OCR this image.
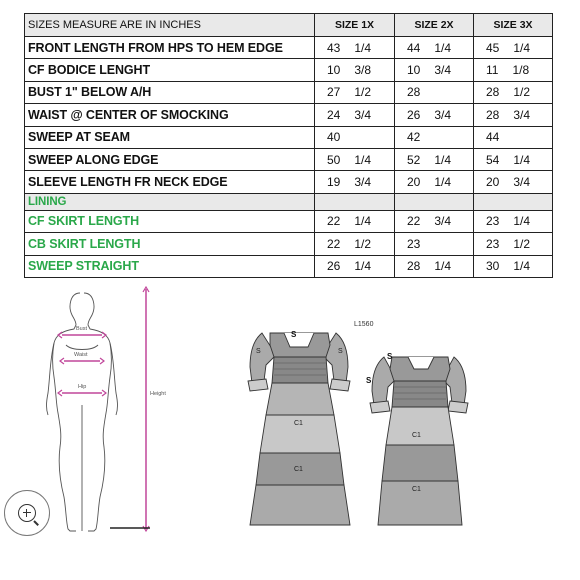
SIZES MEASURE ARE IN INCHES	SIZE 1X	SIZE 2X	SIZE 3X
FRONT LENGTH FROM HPS TO HEM EDGE	43 1/4	44 1/4	45 1/4
CF BODICE LENGHT	10 3/8	10 3/4	11 1/8
BUST 1" BELOW A/H	27 1/2	28	28 1/2
WAIST @ CENTER OF SMOCKING	24 3/4	26 3/4	28 3/4
SWEEP AT SEAM	40	42	44
SWEEP ALONG EDGE	50 1/4	52 1/4	54 1/4
SLEEVE LENGTH FR NECK EDGE	19 3/4	20 1/4	20 3/4
LINING			
CF SKIRT LENGTH	22 1/4	22 3/4	23 1/4
CB SKIRT LENGTH	22 1/2	23	23 1/2
SWEEP STRAIGHT	26 1/4	28 1/4	30 1/4
Bust
Waist
Hip
Height
S
S	S
C1
C1
S
S
C1
C1
L1560
